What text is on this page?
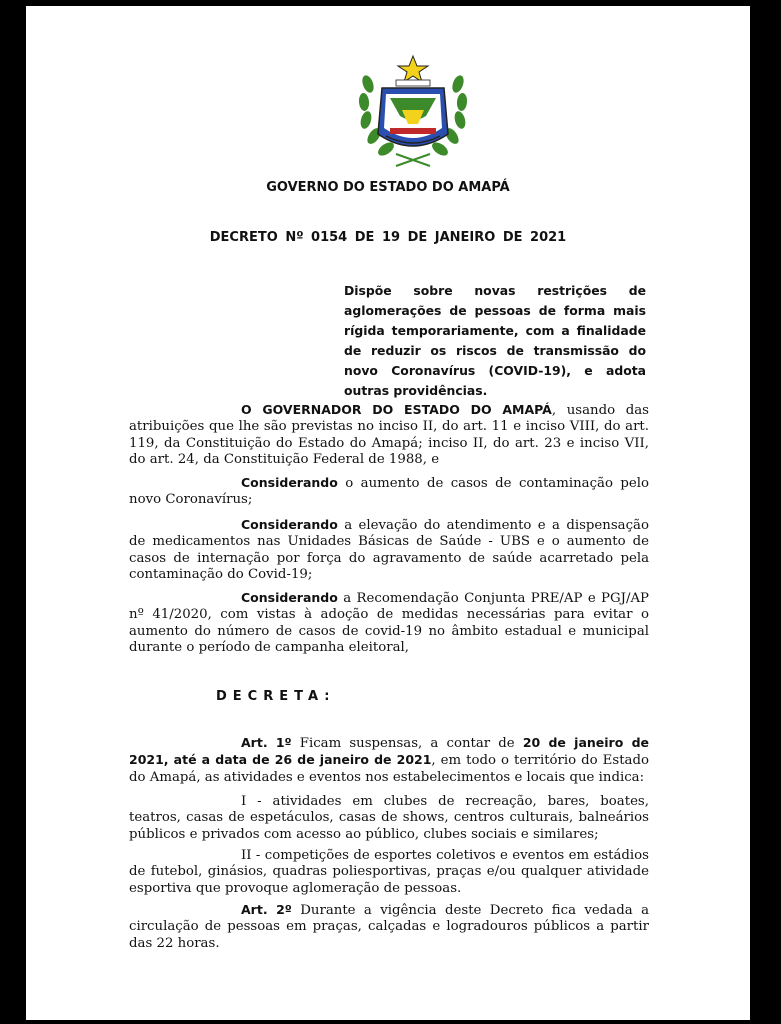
GOVERNO DO ESTADO DO AMAPÁ
DECRETO Nº 0154 DE 19 DE JANEIRO DE 2021
Dispõe sobre novas restrições de aglomerações de pessoas de forma mais rígida temporariamente, com a finalidade de reduzir os riscos de transmissão do novo Coronavírus (COVID-19), e adota outras providências.

O GOVERNADOR DO ESTADO DO AMAPÁ, usando das atribuições que lhe são previstas no inciso II, do art. 11 e inciso VIII, do art. 119, da Constituição do Estado do Amapá; inciso II, do art. 23 e inciso VII, do art. 24, da Constituição Federal de 1988, e

Considerando o aumento de casos de contaminação pelo novo Coronavírus;

Considerando a elevação do atendimento e a dispensação de medicamentos nas Unidades Básicas de Saúde - UBS e o aumento de casos de internação por força do agravamento de saúde acarretado pela contaminação do Covid-19;

Considerando a Recomendação Conjunta PRE/AP e PGJ/AP nº 41/2020, com vistas à adoção de medidas necessárias para evitar o aumento do número de casos de covid-19 no âmbito estadual e municipal durante o período de campanha eleitoral,

DECRETA:

Art. 1º Ficam suspensas, a contar de 20 de janeiro de 2021, até a data de 26 de janeiro de 2021, em todo o território do Estado do Amapá, as atividades e eventos nos estabelecimentos e locais que indica:

I - atividades em clubes de recreação, bares, boates, teatros, casas de espetáculos, casas de shows, centros culturais, balneários públicos e privados com acesso ao público, clubes sociais e similares;

II - competições de esportes coletivos e eventos em estádios de futebol, ginásios, quadras poliesportivas, praças e/ou qualquer atividade esportiva que provoque aglomeração de pessoas.

Art. 2º Durante a vigência deste Decreto fica vedada a circulação de pessoas em praças, calçadas e logradouros públicos a partir das 22 horas.
